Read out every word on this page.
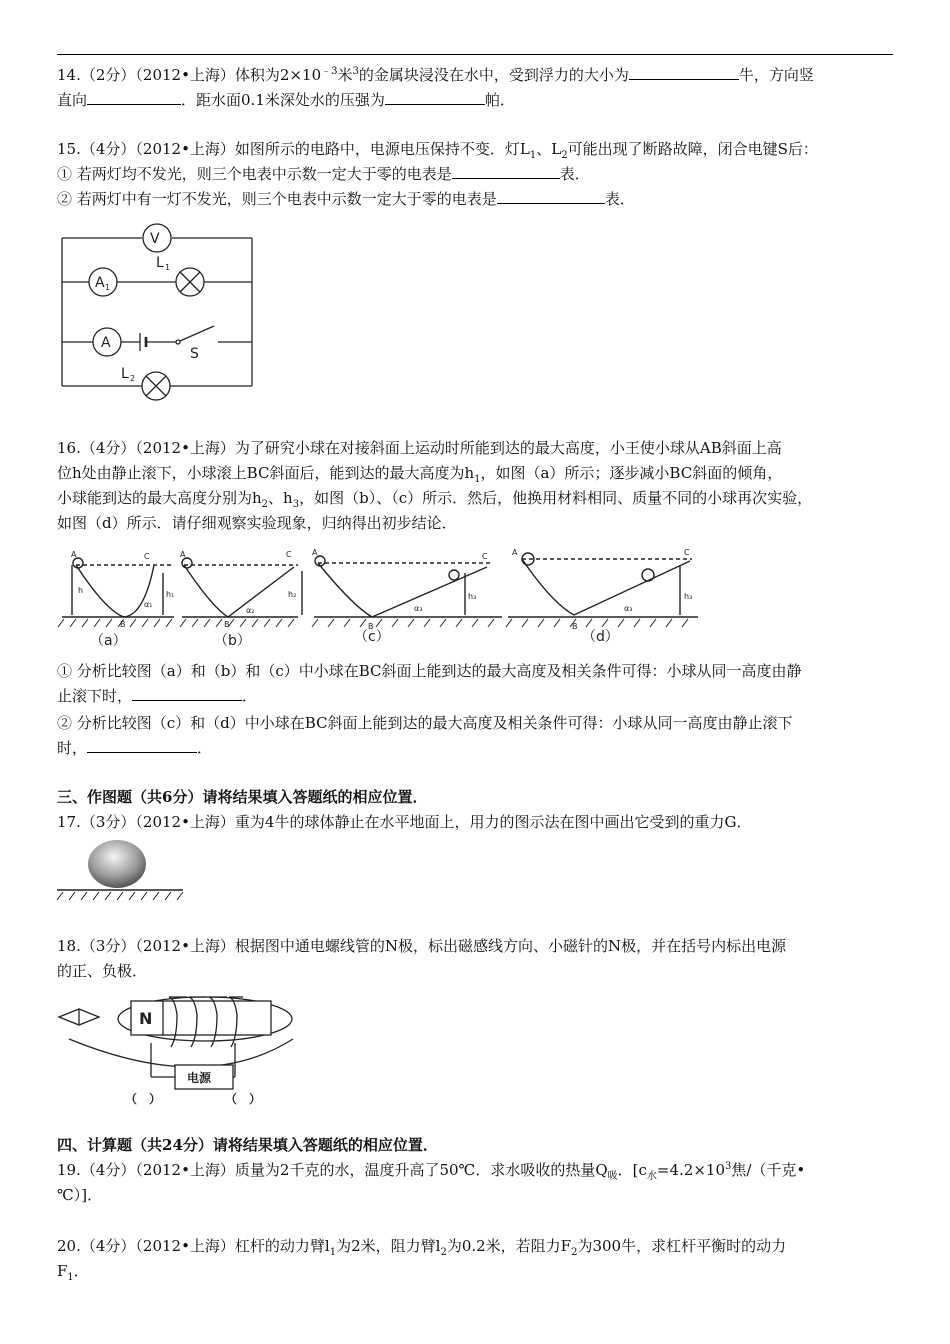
14.（2分）（2012•上海）体积为$2\times 10^{﹣3}$米$^3$的金属块浸没在水中，受到浮力的大小为	牛，方向竖

直向	．距水面0.1米深处水的压强为	帕．

15.（4分）（2012•上海）如图所示的电路中，电源电压保持不变．灯$L_1$、$L_2$可能出现了断路故障，闭合电键S后：

① 若两灯均不发光，则三个电表中示数一定大于零的电表是	表．

② 若两灯中有一灯不发光，则三个电表中示数一定大于零的电表是	表．

V
A 1
A
L 1
L 2
S

16.（4分）（2012•上海）为了研究小球在对接斜面上运动时所能到达的最大高度，小王使小球从AB斜面上高

位h处由静止滚下，小球滚上BC斜面后，能到达的最大高度为$h_1$，如图（a）所示；逐步减小BC斜面的倾角，

小球能到达的最大高度分别为$h_2$、$h_3$，如图（b）、（c）所示．然后，他换用材料相同、质量不同的小球再次实验，

如图（d）所示．请仔细观察实验现象，归纳得出初步结论．

A	C
B
h	h₁
α₁
A	C
B
h₂
α₂
A	C
B
h₃
α₃
A	C
B
h₃
α₃
（a）	（b）	（c）	（d）

① 分析比较图（a）和（b）和（c）中小球在BC斜面上能到达的最大高度及相关条件可得：小球从同一高度由静

止滚下时，	．

② 分析比较图（c）和（d）中小球在BC斜面上能到达的最大高度及相关条件可得：小球从同一高度由静止滚下

时，	．

三、作图题（共6分）请将结果填入答题纸的相应位置．
17.（3分）（2012•上海）重为4牛的球体静止在水平地面上，用力的图示法在图中画出它受到的重力G．

18.（3分）（2012•上海）根据图中通电螺线管的N极，标出磁感线方向、小磁针的N极，并在括号内标出电源

的正、负极．

N
电源
（　）	（　）
四、计算题（共24分）请将结果填入答题纸的相应位置．

19.（4分）（2012•上海）质量为2千克的水，温度升高了50℃．求水吸收的热量$Q_吸$．[$c_水=4.2\times 10^3$焦/（千克•

℃）]．

20.（4分）（2012•上海）杠杆的动力臂$l_1$为2米，阻力臂$l_2$为0.2米，若阻力$F_2$为300牛，求杠杆平衡时的动力

$F_1$．
